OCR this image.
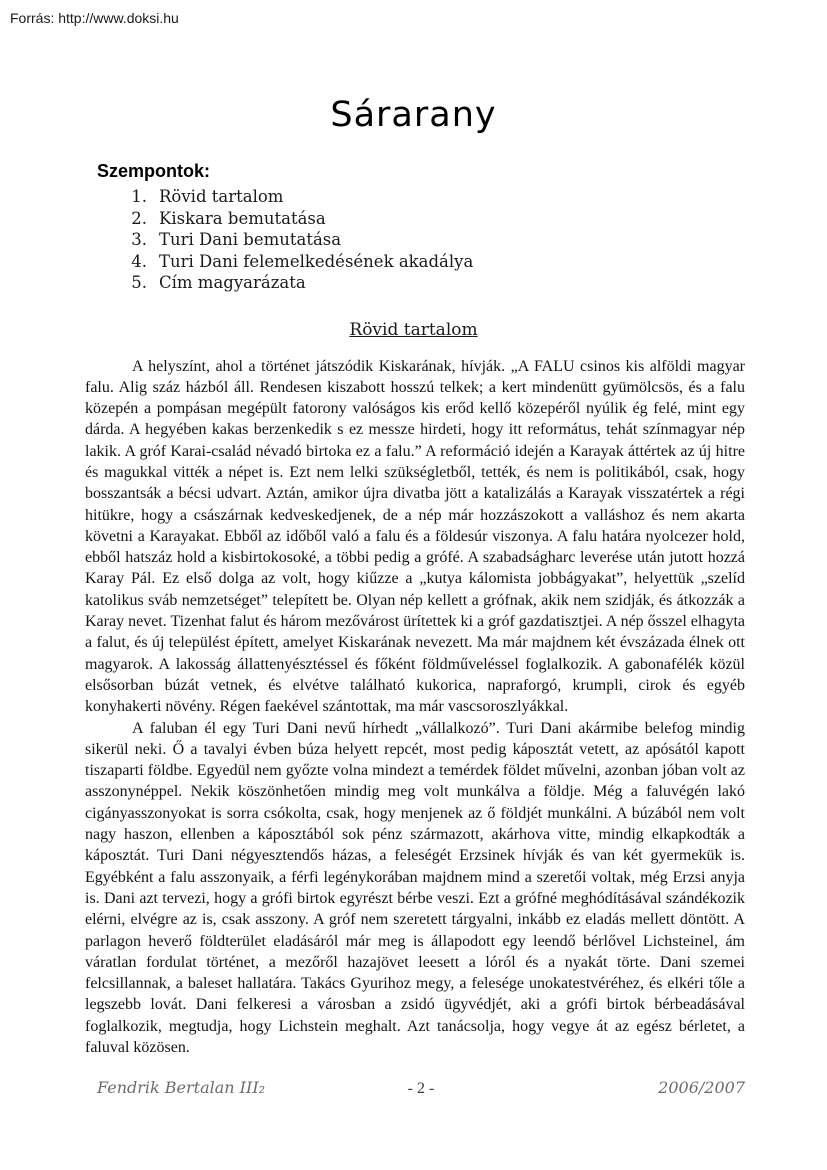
Forrás: http://www.doksi.hu
Sárarany
Szempontok:
1. Rövid tartalom
2. Kiskara bemutatása
3. Turi Dani bemutatása
4. Turi Dani felemelkedésének akadálya
5. Cím magyarázata
Rövid tartalom

A helyszínt, ahol a történet játszódik Kiskarának, hívják. „A FALU csinos kis alföldi magyar falu. Alig száz házból áll. Rendesen kiszabott hosszú telkek; a kert mindenütt gyümölcsös, és a falu közepén a pompásan megépült fatorony valóságos kis erőd kellő közepéről nyúlik ég felé, mint egy dárda. A hegyében kakas berzenkedik s ez messze hirdeti, hogy itt református, tehát színmagyar nép lakik. A gróf Karai-család névadó birtoka ez a falu.” A reformáció idején a Karayak áttértek az új hitre és magukkal vitték a népet is. Ezt nem lelki szükségletből, tették, és nem is politikából, csak, hogy bosszantsák a bécsi udvart. Aztán, amikor újra divatba jött a katalizálás a Karayak visszatértek a régi hitükre, hogy a császárnak kedveskedjenek, de a nép már hozzászokott a valláshoz és nem akarta követni a Karayakat. Ebből az időből való a falu és a földesúr viszonya. A falu határa nyolcezer hold, ebből hatszáz hold a kisbirtokosoké, a többi pedig a grófé. A szabadságharc leverése után jutott hozzá Karay Pál. Ez első dolga az volt, hogy kiűzze a „kutya kálomista jobbágyakat”, helyettük „szelíd katolikus sváb nemzetséget” telepített be. Olyan nép kellett a grófnak, akik nem szidják, és átkozzák a Karay nevet. Tizenhat falut és három mezővárost ürítettek ki a gróf gazdatisztjei. A nép ősszel elhagyta a falut, és új települést épített, amelyet Kiskarának nevezett. Ma már majdnem két évszázada élnek ott magyarok. A lakosság állattenyésztéssel és főként földműveléssel foglalkozik. A gabonafélék közül elsősorban búzát vetnek, és elvétve található kukorica, napraforgó, krumpli, cirok és egyéb konyhakerti növény. Régen faekével szántottak, ma már vascsoroszlyákkal.

A faluban él egy Turi Dani nevű hírhedt „vállalkozó”. Turi Dani akármibe belefog mindig sikerül neki. Ő a tavalyi évben búza helyett repcét, most pedig káposztát vetett, az apósától kapott tiszaparti földbe. Egyedül nem győzte volna mindezt a temérdek földet művelni, azonban jóban volt az asszonynéppel. Nekik köszönhetően mindig meg volt munkálva a földje. Még a faluvégén lakó cigányasszonyokat is sorra csókolta, csak, hogy menjenek az ő földjét munkálni. A búzából nem volt nagy haszon, ellenben a káposztából sok pénz származott, akárhova vitte, mindig elkapkodták a káposztát. Turi Dani négyesztendős házas, a feleségét Erzsinek hívják és van két gyermekük is. Egyébként a falu asszonyaik, a férfi legénykorában majdnem mind a szeretői voltak, még Erzsi anyja is. Dani azt tervezi, hogy a grófi birtok egyrészt bérbe veszi. Ezt a grófné meghódításával szándékozik elérni, elvégre az is, csak asszony. A gróf nem szeretett tárgyalni, inkább ez eladás mellett döntött. A parlagon heverő földterület eladásáról már meg is állapodott egy leendő bérlővel Lichsteinel, ám váratlan fordulat történet, a mezőről hazajövet leesett a lóról és a nyakát törte. Dani szemei felcsillannak, a baleset hallatára. Takács Gyurihoz megy, a felesége unokatestvéréhez, és elkéri tőle a legszebb lovát. Dani felkeresi a városban a zsidó ügyvédjét, aki a grófi birtok bérbeadásával foglalkozik, megtudja, hogy Lichstein meghalt. Azt tanácsolja, hogy vegye át az egész bérletet, a faluval közösen.

Fendrik Bertalan III₂	- 2 -	2006/2007
